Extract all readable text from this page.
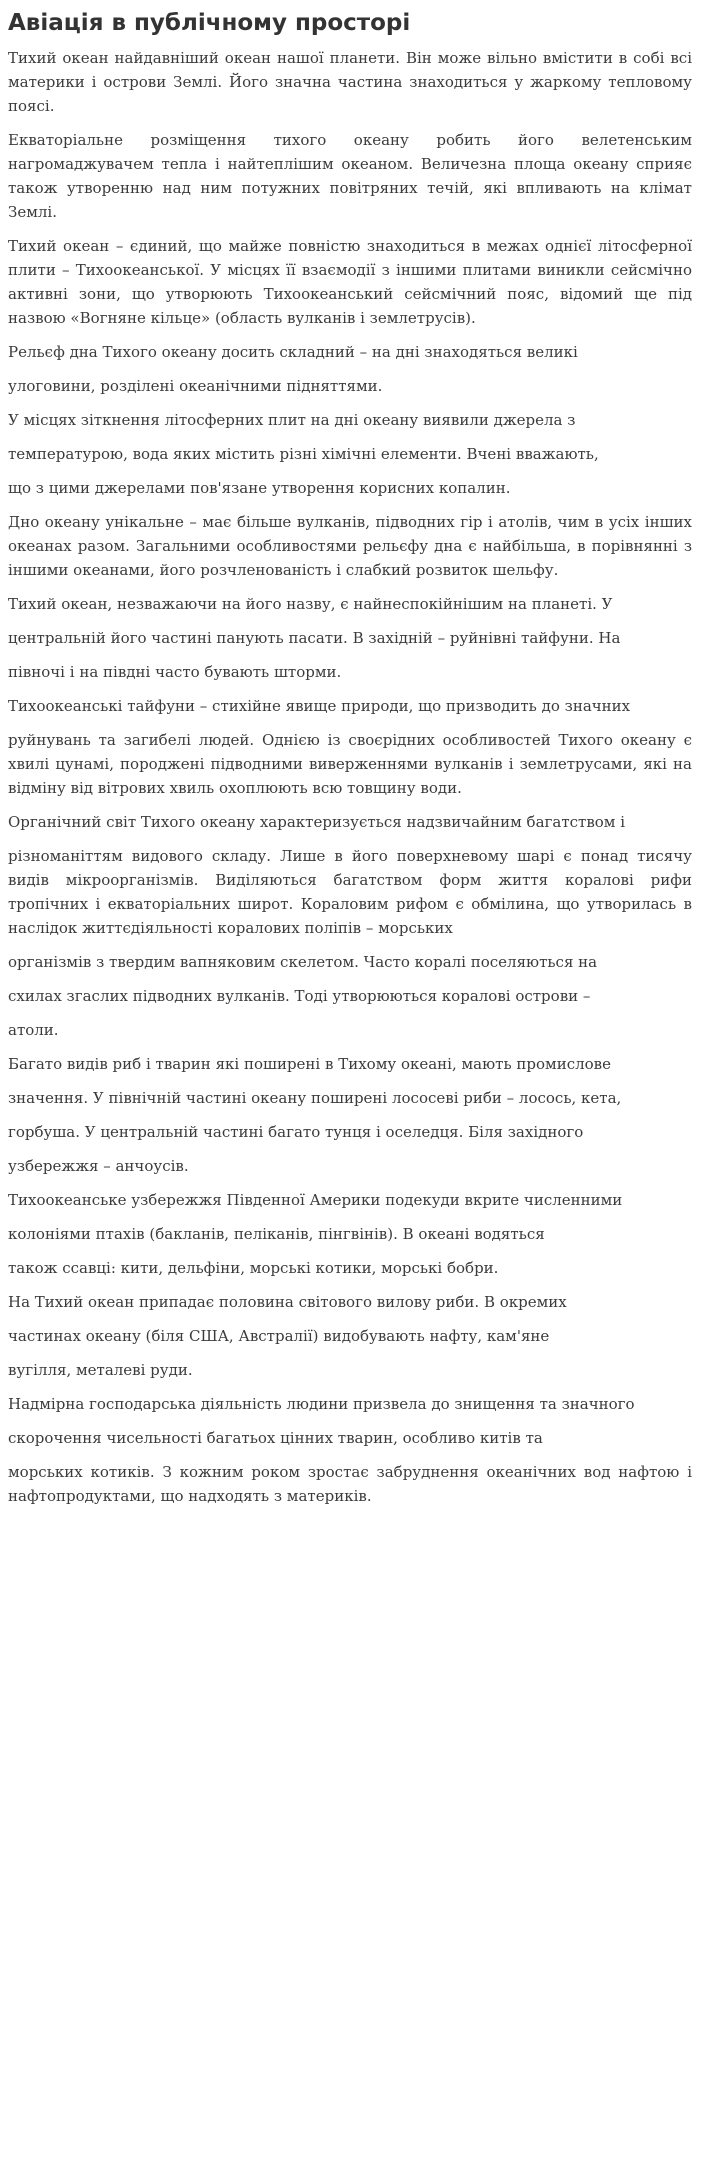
Авіація в публічному просторі

Тихий океан найдавніший океан нашої планети. Він може вільно вмістити в собі всі материки і острови Землі. Його значна частина знаходиться у жаркому тепловому поясі.

Екваторіальне розміщення тихого океану робить його велетенським нагромаджувачем тепла і найтеплішим океаном. Величезна площа океану сприяє також утворенню над ним потужних повітряних течій, які впливають на клімат Землі.

Тихий океан – єдиний, що майже повністю знаходиться в межах однієї літосферної плити – Тихоокеанської. У місцях її взаємодії з іншими плитами виникли сейсмічно активні зони, що утворюють Тихоокеанський сейсмічний пояс, відомий ще під назвою «Вогняне кільце» (область вулканів і землетрусів).

Рельєф дна Тихого океану досить складний – на дні знаходяться великі

улоговини, розділені океанічними підняттями.

У місцях зіткнення літосферних плит на дні океану виявили джерела з

температурою, вода яких містить різні хімічні елементи. Вчені вважають,

що з цими джерелами пов'язане утворення корисних копалин.

Дно океану унікальне – має більше вулканів, підводних гір і атолів, чим в усіх інших океанах разом. Загальними особливостями рельєфу дна є найбільша, в порівнянні з іншими океанами, його розчленованість і слабкий розвиток шельфу.

Тихий океан, незважаючи на його назву, є найнеспокійнішим на планеті. У

центральній його частині панують пасати. В західній – руйнівні тайфуни. На

півночі і на півдні часто бувають шторми.

Тихоокеанські тайфуни – стихійне явище природи, що призводить до значних

руйнувань та загибелі людей. Однією із своєрідних особливостей Тихого океану є хвилі цунамі, породжені підводними виверженнями вулканів і землетрусами, які на відміну від вітрових хвиль охоплюють всю товщину води.

Органічний світ Тихого океану характеризується надзвичайним багатством і

різноманіттям видового складу. Лише в його поверхневому шарі є понад тисячу видів мікроорганізмів. Виділяються багатством форм життя коралові рифи тропічних і екваторіальних широт. Кораловим рифом є обмілина, що утворилась в наслідок життєдіяльності коралових поліпів – морських

організмів з твердим вапняковим скелетом. Часто коралі поселяються на

схилах згаслих підводних вулканів. Тоді утворюються коралові острови –

атоли.

Багато видів риб і тварин які поширені в Тихому океані, мають промислове

значення. У північній частині океану поширені лососеві риби – лосось, кета,

горбуша. У центральній частині багато тунця і оселедця. Біля західного

узбережжя – анчоусів.

Тихоокеанське узбережжя Південної Америки подекуди вкрите численними

колоніями птахів (бакланів, пеліканів, пінгвінів). В океані водяться

також ссавці: кити, дельфіни, морські котики, морські бобри.

На Тихий океан припадає половина світового вилову риби. В окремих

частинах океану (біля США, Австралії) видобувають нафту, кам'яне

вугілля, металеві руди.

Надмірна господарська діяльність людини призвела до знищення та значного

скорочення чисельності багатьох цінних тварин, особливо китів та

морських котиків. З кожним роком зростає забруднення океанічних вод нафтою і нафтопродуктами, що надходять з материків.
